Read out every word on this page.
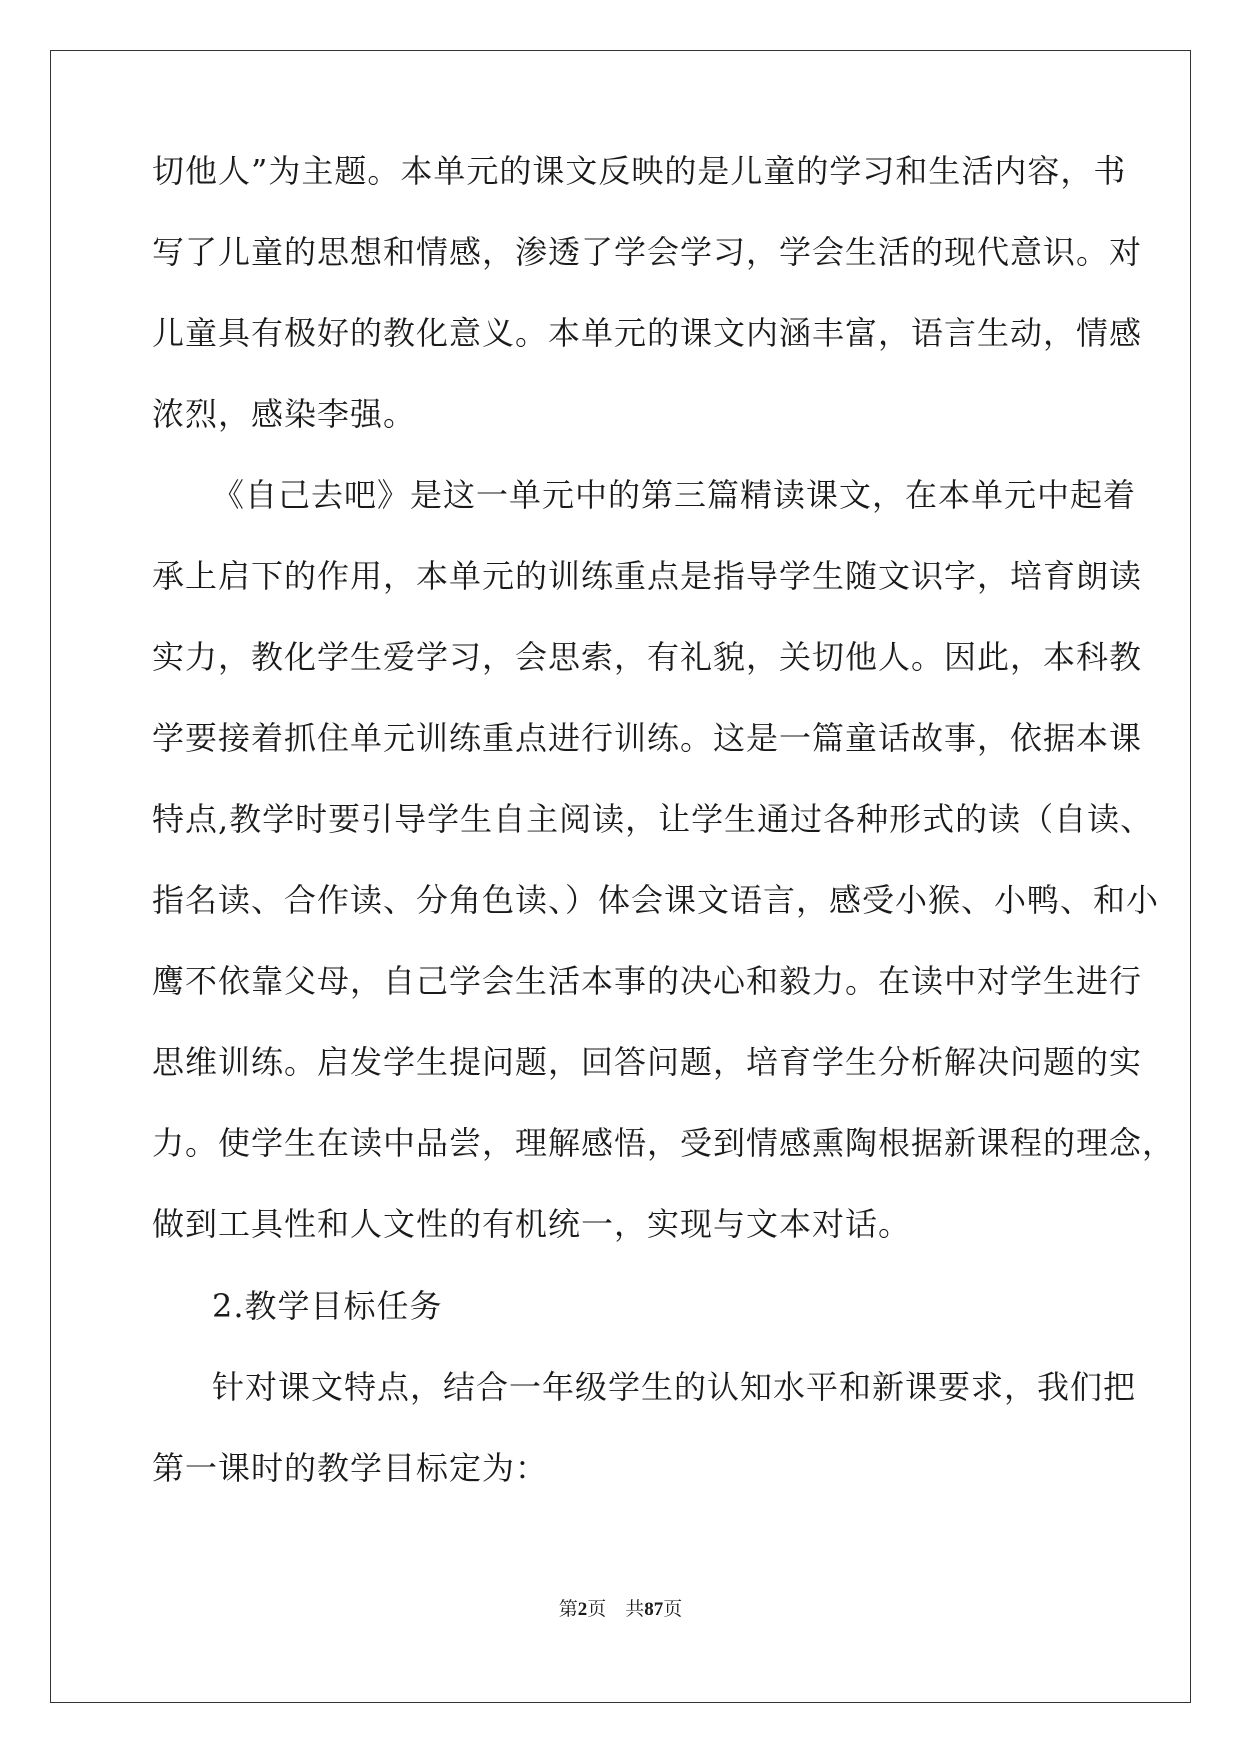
切他人”为主题。本单元的课文反映的是儿童的学习和生活内容，书
写了儿童的思想和情感，渗透了学会学习，学会生活的现代意识。对
儿童具有极好的教化意义。本单元的课文内涵丰富，语言生动，情感
浓烈，感染李强。
《自己去吧》是这一单元中的第三篇精读课文，在本单元中起着
承上启下的作用，本单元的训练重点是指导学生随文识字，培育朗读
实力，教化学生爱学习，会思索，有礼貌，关切他人。因此，本科教
学要接着抓住单元训练重点进行训练。这是一篇童话故事，依据本课
特点,教学时要引导学生自主阅读，让学生通过各种形式的读（自读、
指名读、合作读、分角色读、）体会课文语言，感受小猴、小鸭、和小
鹰不依靠父母，自己学会生活本事的决心和毅力。在读中对学生进行
思维训练。启发学生提问题，回答问题，培育学生分析解决问题的实
力。使学生在读中品尝，理解感悟，受到情感熏陶根据新课程的理念，
做到工具性和人文性的有机统一，实现与文本对话。
2.教学目标任务
针对课文特点，结合一年级学生的认知水平和新课要求，我们把
第一课时的教学目标定为：
第2页 共87页
